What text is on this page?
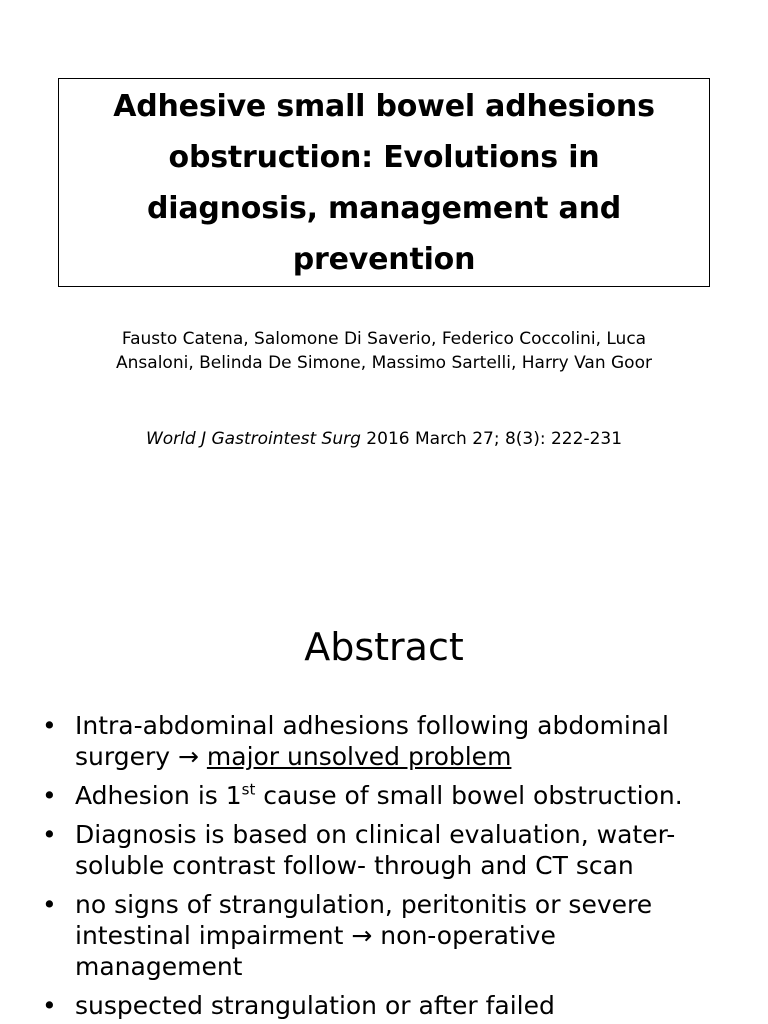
Adhesive small bowel adhesions obstruction: Evolutions in diagnosis, management and prevention

Fausto Catena, Salomone Di Saverio, Federico Coccolini, Luca Ansaloni, Belinda De Simone, Massimo Sartelli, Harry Van Goor

World J Gastrointest Surg 2016 March 27; 8(3): 222-231

Abstract
• Intra-abdominal adhesions following abdominal surgery → major unsolved problem
• Adhesion is 1st cause of small bowel obstruction.
• Diagnosis is based on clinical evaluation, water-soluble contrast follow- through and CT scan
• no signs of strangulation, peritonitis or severe intestinal impairment → non-operative management
• suspected strangulation or after failed
